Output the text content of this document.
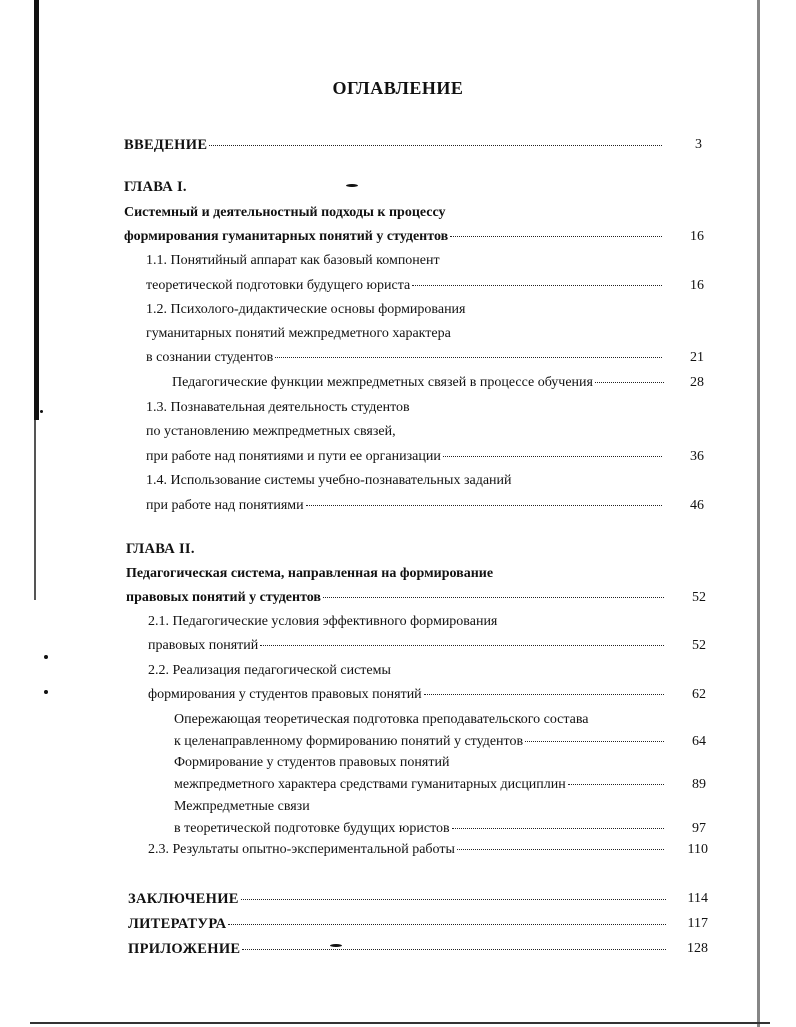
ОГЛАВЛЕНИЕ
ВВЕДЕНИЕ	3
ГЛАВА I.
Системный и деятельностный подходы к процессу
формирования гуманитарных понятий у студентов	16
1.1. Понятийный аппарат как базовый компонент
теоретической подготовки будущего юриста	16
1.2. Психолого-дидактические основы формирования
гуманитарных понятий межпредметного характера
в сознании студентов	21
Педагогические функции межпредметных связей в процессе обучения	28
1.3. Познавательная деятельность студентов
по установлению межпредметных связей,
при работе над понятиями и пути ее организации	36
1.4. Использование системы учебно-познавательных заданий
при работе над понятиями	46
ГЛАВА II.
Педагогическая система, направленная на формирование
правовых понятий у студентов	52
2.1. Педагогические условия эффективного формирования
правовых понятий	52
2.2. Реализация педагогической системы
формирования у студентов правовых понятий	62
Опережающая теоретическая подготовка преподавательского состава
к целенаправленному формированию понятий у студентов	64
Формирование у студентов правовых понятий
межпредметного характера средствами гуманитарных дисциплин	89
Межпредметные связи
в теоретической подготовке будущих юристов	97
2.3. Результаты опытно-экспериментальной работы	110
ЗАКЛЮЧЕНИЕ	114
ЛИТЕРАТУРА	117
ПРИЛОЖЕНИЕ	128
